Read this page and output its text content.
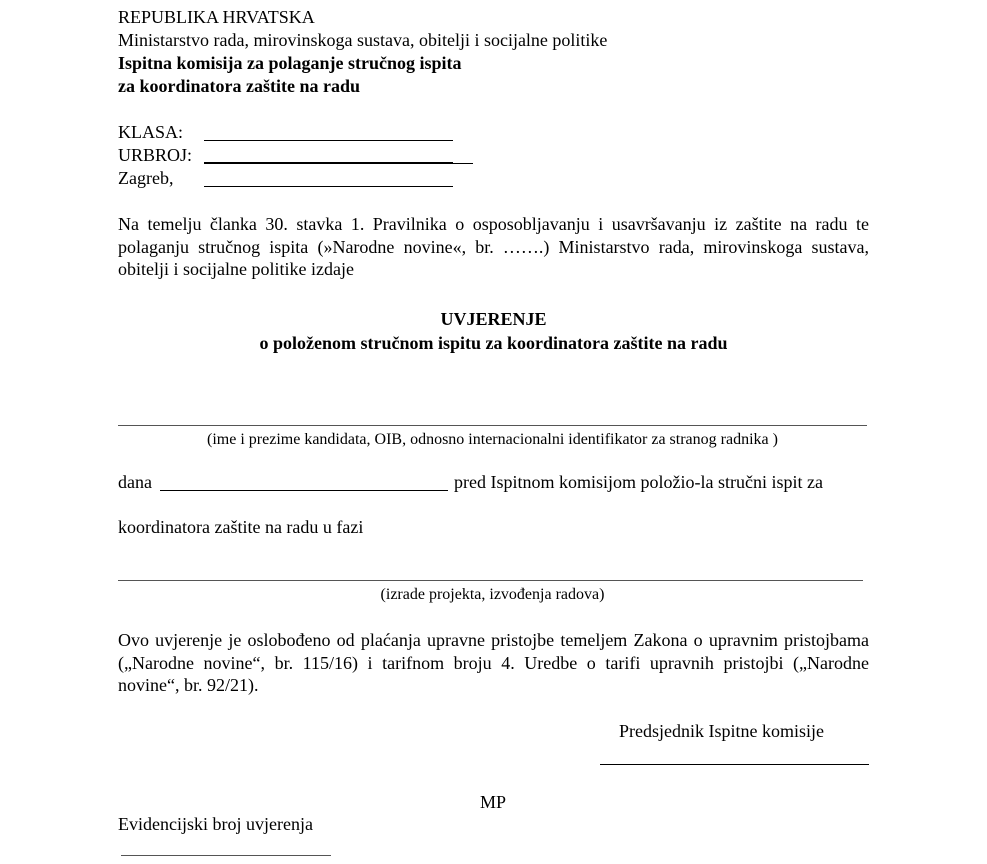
REPUBLIKA HRVATSKA
Ministarstvo rada, mirovinskoga sustava, obitelji i socijalne politike
Ispitna komisija za polaganje stručnog ispita
za koordinatora zaštite na radu
KLASA:
URBROJ:
Zagreb,
Na temelju članka 30. stavka 1. Pravilnika o osposobljavanju i usavršavanju iz zaštite na radu te polaganju stručnog ispita (»Narodne novine«, br. …….) Ministarstvo rada, mirovinskoga sustava, obitelji i socijalne politike izdaje
UVJERENJE
o položenom stručnom ispitu za koordinatora zaštite na radu
(ime i prezime kandidata, OIB, odnosno internacionalni identifikator za stranog radnika )
dana	pred Ispitnom komisijom položio-la stručni ispit za
koordinatora zaštite na radu u fazi
(izrade projekta, izvođenja radova)
Ovo uvjerenje je oslobođeno od plaćanja upravne pristojbe temeljem Zakona o upravnim pristojbama („Narodne novine“, br. 115/16) i tarifnom broju 4. Uredbe o tarifi upravnih pristojbi („Narodne novine“, br. 92/21).
Predsjednik Ispitne komisije
MP
Evidencijski broj uvjerenja
